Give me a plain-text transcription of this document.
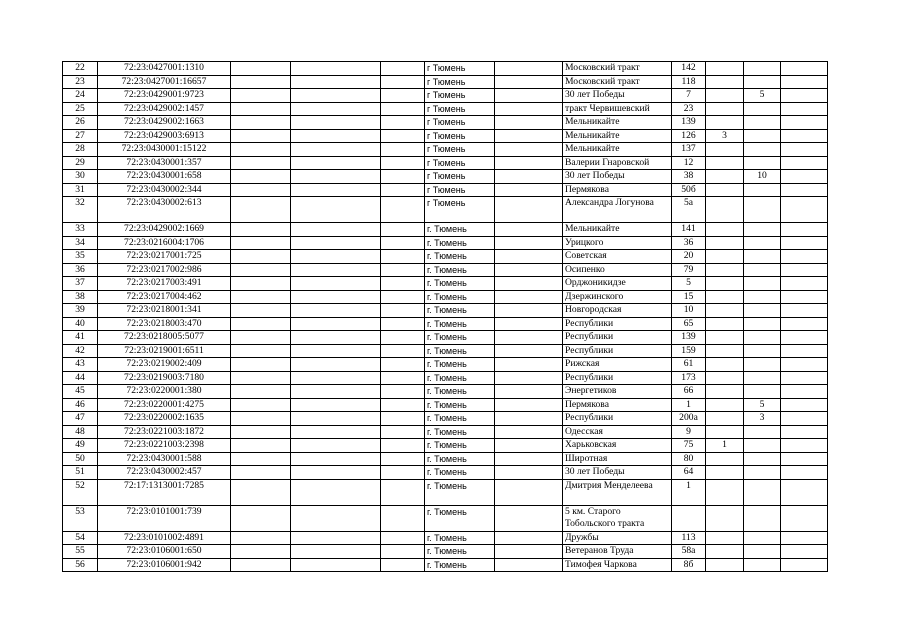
22	72:23:0427001:1310				г Тюмень		Московский тракт	142			
23	72:23:0427001:16657				г Тюмень		Московский тракт	118			
24	72:23:0429001:9723				г Тюмень		30 лет Победы	7		5	
25	72:23:0429002:1457				г Тюмень		тракт Червишевский	23			
26	72:23:0429002:1663				г Тюмень		Мельникайте	139			
27	72:23:0429003:6913				г Тюмень		Мельникайте	126	3		
28	72:23:0430001:15122				г Тюмень		Мельникайте	137			
29	72:23:0430001:357				г Тюмень		Валерии Гнаровской	12			
30	72:23:0430001:658				г Тюмень		30 лет Победы	38		10	
31	72:23:0430002:344				г Тюмень		Пермякова	50б			
32	72:23:0430002:613				г Тюмень		Александра Логунова	5а			
33	72:23:0429002:1669				г. Тюмень		Мельникайте	141			
34	72:23:0216004:1706				г. Тюмень		Урицкого	36			
35	72:23:0217001:725				г. Тюмень		Советская	20			
36	72:23:0217002:986				г. Тюмень		Осипенко	79			
37	72:23:0217003:491				г. Тюмень		Орджоникидзе	5			
38	72:23:0217004:462				г. Тюмень		Дзержинского	15			
39	72:23:0218001:341				г. Тюмень		Новгородская	10			
40	72:23:0218003:470				г. Тюмень		Республики	65			
41	72:23:0218005:5077				г. Тюмень		Республики	139			
42	72:23:0219001:6511				г. Тюмень		Республики	159			
43	72:23:0219002:409				г. Тюмень		Рижская	61			
44	72:23:0219003:7180				г. Тюмень		Республики	173			
45	72:23:0220001:380				г. Тюмень		Энергетиков	66			
46	72:23:0220001:4275				г. Тюмень		Пермякова	1		5	
47	72:23:0220002:1635				г. Тюмень		Республики	200а		3	
48	72:23:0221003:1872				г. Тюмень		Одесская	9			
49	72:23:0221003:2398				г. Тюмень		Харьковская	75	1		
50	72:23:0430001:588				г. Тюмень		Широтная	80			
51	72:23:0430002:457				г. Тюмень		30 лет Победы	64			
52	72:17:1313001:7285				г. Тюмень		Дмитрия Менделеева	1			
53	72:23:0101001:739				г. Тюмень		5 км. Старого Тобольского тракта				
54	72:23:0101002:4891				г. Тюмень		Дружбы	113			
55	72:23:0106001:650				г. Тюмень		Ветеранов Труда	58а			
56	72:23:0106001:942				г. Тюмень		Тимофея Чаркова	8б			
